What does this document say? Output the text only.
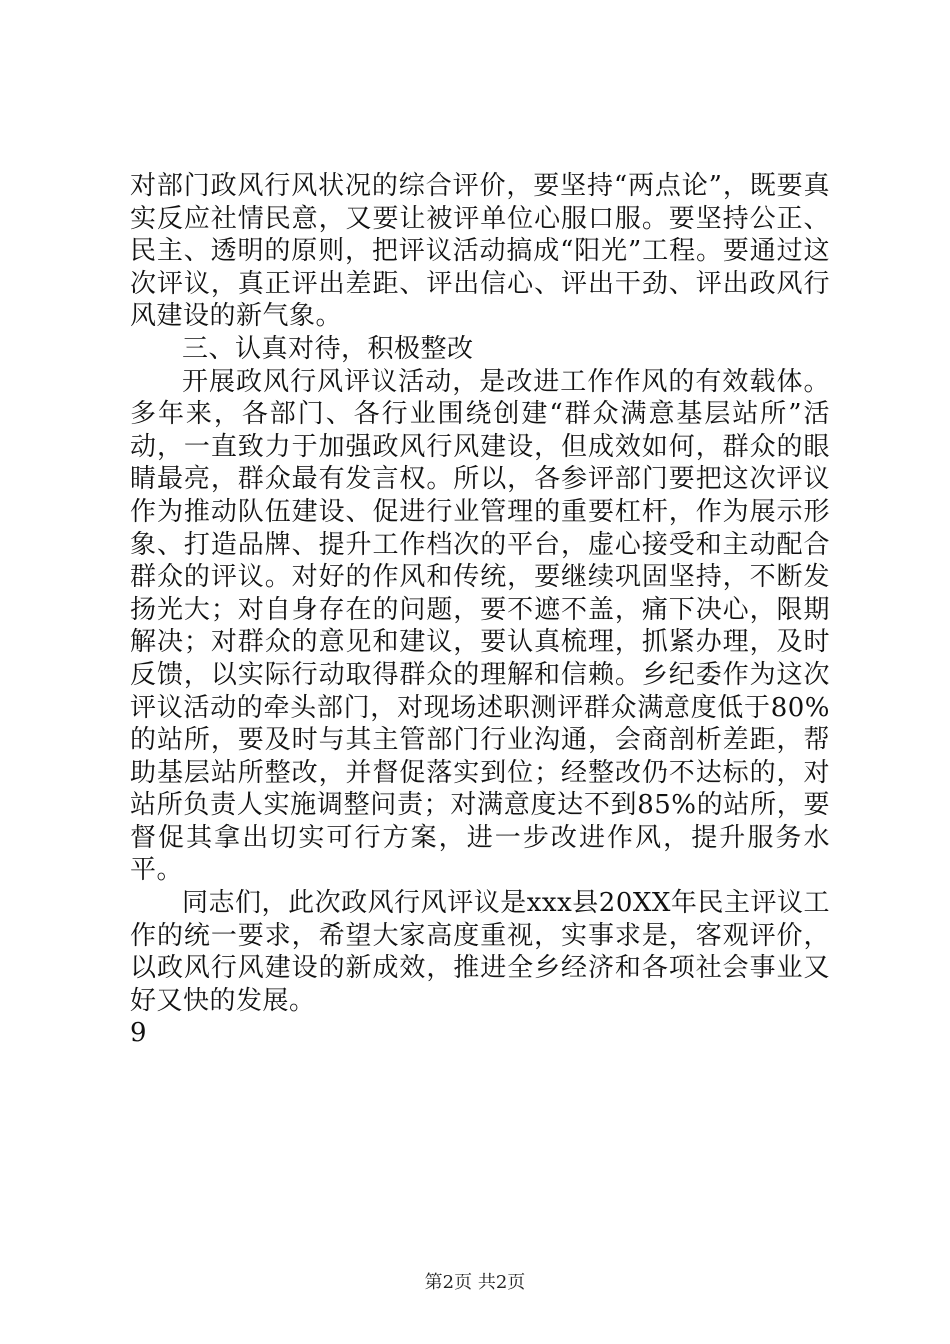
对部门政风行风状况的综合评价，要坚持“两点论”，既要真实反应社情民意，又要让被评单位心服口服。要坚持公正、民主、透明的原则，把评议活动搞成“阳光”工程。要通过这次评议，真正评出差距、评出信心、评出干劲、评出政风行风建设的新气象。

三、认真对待，积极整改

开展政风行风评议活动，是改进工作作风的有效载体。多年来，各部门、各行业围绕创建“群众满意基层站所”活动，一直致力于加强政风行风建设，但成效如何，群众的眼睛最亮，群众最有发言权。所以，各参评部门要把这次评议作为推动队伍建设、促进行业管理的重要杠杆，作为展示形象、打造品牌、提升工作档次的平台，虚心接受和主动配合群众的评议。对好的作风和传统，要继续巩固坚持，不断发扬光大；对自身存在的问题，要不遮不盖，痛下决心，限期解决；对群众的意见和建议，要认真梳理，抓紧办理，及时反馈，以实际行动取得群众的理解和信赖。乡纪委作为这次评议活动的牵头部门，对现场述职测评群众满意度低于80%的站所，要及时与其主管部门行业沟通，会商剖析差距，帮助基层站所整改，并督促落实到位；经整改仍不达标的，对站所负责人实施调整问责；对满意度达不到85%的站所，要督促其拿出切实可行方案，进一步改进作风，提升服务水平。

同志们，此次政风行风评议是xxx县20XX年民主评议工作的统一要求，希望大家高度重视，实事求是，客观评价，以政风行风建设的新成效，推进全乡经济和各项社会事业又好又快的发展。

9

第2页 共2页
